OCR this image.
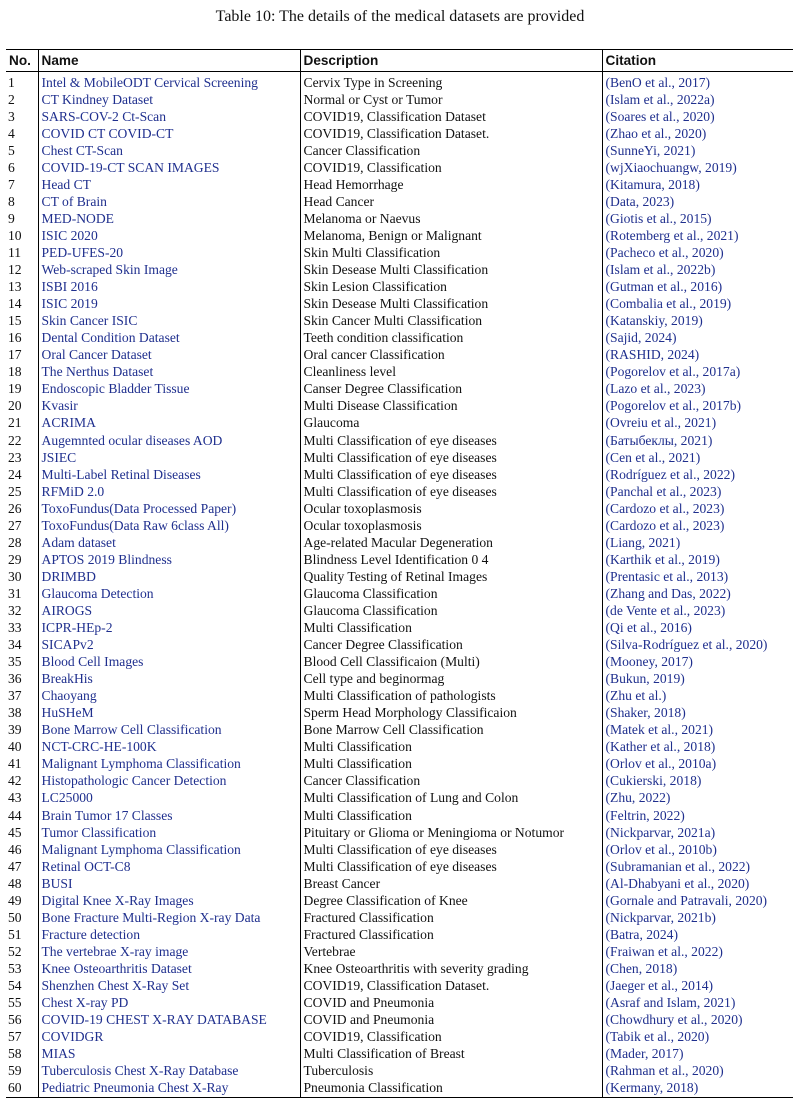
Table 10: The details of the medical datasets are provided
No.	Name	Description	Citation
1	Intel & MobileODT Cervical Screening	Cervix Type in Screening	(BenO et al., 2017)
2	CT Kindney Dataset	Normal or Cyst or Tumor	(Islam et al., 2022a)
3	SARS-COV-2 Ct-Scan	COVID19, Classification Dataset	(Soares et al., 2020)
4	COVID CT COVID-CT	COVID19, Classification Dataset.	(Zhao et al., 2020)
5	Chest CT-Scan	Cancer Classification	(SunneYi, 2021)
6	COVID-19-CT SCAN IMAGES	COVID19, Classification	(wjXiaochuangw, 2019)
7	Head CT	Head Hemorrhage	(Kitamura, 2018)
8	CT of Brain	Head Cancer	(Data, 2023)
9	MED-NODE	Melanoma or Naevus	(Giotis et al., 2015)
10	ISIC 2020	Melanoma, Benign or Malignant	(Rotemberg et al., 2021)
11	PED-UFES-20	Skin Multi Classification	(Pacheco et al., 2020)
12	Web-scraped Skin Image	Skin Desease Multi Classification	(Islam et al., 2022b)
13	ISBI 2016	Skin Lesion Classification	(Gutman et al., 2016)
14	ISIC 2019	Skin Desease Multi Classification	(Combalia et al., 2019)
15	Skin Cancer ISIC	Skin Cancer Multi Classification	(Katanskiy, 2019)
16	Dental Condition Dataset	Teeth condition classification	(Sajid, 2024)
17	Oral Cancer Dataset	Oral cancer Classification	(RASHID, 2024)
18	The Nerthus Dataset	Cleanliness level	(Pogorelov et al., 2017a)
19	Endoscopic Bladder Tissue	Canser Degree Classification	(Lazo et al., 2023)
20	Kvasir	Multi Disease Classification	(Pogorelov et al., 2017b)
21	ACRIMA	Glaucoma	(Ovreiu et al., 2021)
22	Augemnted ocular diseases AOD	Multi Classification of eye diseases	(Батыбеклы, 2021)
23	JSIEC	Multi Classification of eye diseases	(Cen et al., 2021)
24	Multi-Label Retinal Diseases	Multi Classification of eye diseases	(Rodríguez et al., 2022)
25	RFMiD 2.0	Multi Classification of eye diseases	(Panchal et al., 2023)
26	ToxoFundus(Data Processed Paper)	Ocular toxoplasmosis	(Cardozo et al., 2023)
27	ToxoFundus(Data Raw 6class All)	Ocular toxoplasmosis	(Cardozo et al., 2023)
28	Adam dataset	Age-related Macular Degeneration	(Liang, 2021)
29	APTOS 2019 Blindness	Blindness Level Identification 0 4	(Karthik et al., 2019)
30	DRIMBD	Quality Testing of Retinal Images	(Prentasic et al., 2013)
31	Glaucoma Detection	Glaucoma Classification	(Zhang and Das, 2022)
32	AIROGS	Glaucoma Classification	(de Vente et al., 2023)
33	ICPR-HEp-2	Multi Classification	(Qi et al., 2016)
34	SICAPv2	Cancer Degree Classification	(Silva-Rodríguez et al., 2020)
35	Blood Cell Images	Blood Cell Classificaion (Multi)	(Mooney, 2017)
36	BreakHis	Cell type and beginormag	(Bukun, 2019)
37	Chaoyang	Multi Classification of pathologists	(Zhu et al.)
38	HuSHeM	Sperm Head Morphology Classificaion	(Shaker, 2018)
39	Bone Marrow Cell Classification	Bone Marrow Cell Classification	(Matek et al., 2021)
40	NCT-CRC-HE-100K	Multi Classification	(Kather et al., 2018)
41	Malignant Lymphoma Classification	Multi Classification	(Orlov et al., 2010a)
42	Histopathologic Cancer Detection	Cancer Classification	(Cukierski, 2018)
43	LC25000	Multi Classification of Lung and Colon	(Zhu, 2022)
44	Brain Tumor 17 Classes	Multi Classification	(Feltrin, 2022)
45	Tumor Classification	Pituitary or Glioma or Meningioma or Notumor	(Nickparvar, 2021a)
46	Malignant Lymphoma Classification	Multi Classification of eye diseases	(Orlov et al., 2010b)
47	Retinal OCT-C8	Multi Classification of eye diseases	(Subramanian et al., 2022)
48	BUSI	Breast Cancer	(Al-Dhabyani et al., 2020)
49	Digital Knee X-Ray Images	Degree Classification of Knee	(Gornale and Patravali, 2020)
50	Bone Fracture Multi-Region X-ray Data	Fractured Classification	(Nickparvar, 2021b)
51	Fracture detection	Fractured Classification	(Batra, 2024)
52	The vertebrae X-ray image	Vertebrae	(Fraiwan et al., 2022)
53	Knee Osteoarthritis Dataset	Knee Osteoarthritis with severity grading	(Chen, 2018)
54	Shenzhen Chest X-Ray Set	COVID19, Classification Dataset.	(Jaeger et al., 2014)
55	Chest X-ray PD	COVID and Pneumonia	(Asraf and Islam, 2021)
56	COVID-19 CHEST X-RAY DATABASE	COVID and Pneumonia	(Chowdhury et al., 2020)
57	COVIDGR	COVID19, Classification	(Tabik et al., 2020)
58	MIAS	Multi Classification of Breast	(Mader, 2017)
59	Tuberculosis Chest X-Ray Database	Tuberculosis	(Rahman et al., 2020)
60	Pediatric Pneumonia Chest X-Ray	Pneumonia Classification	(Kermany, 2018)
